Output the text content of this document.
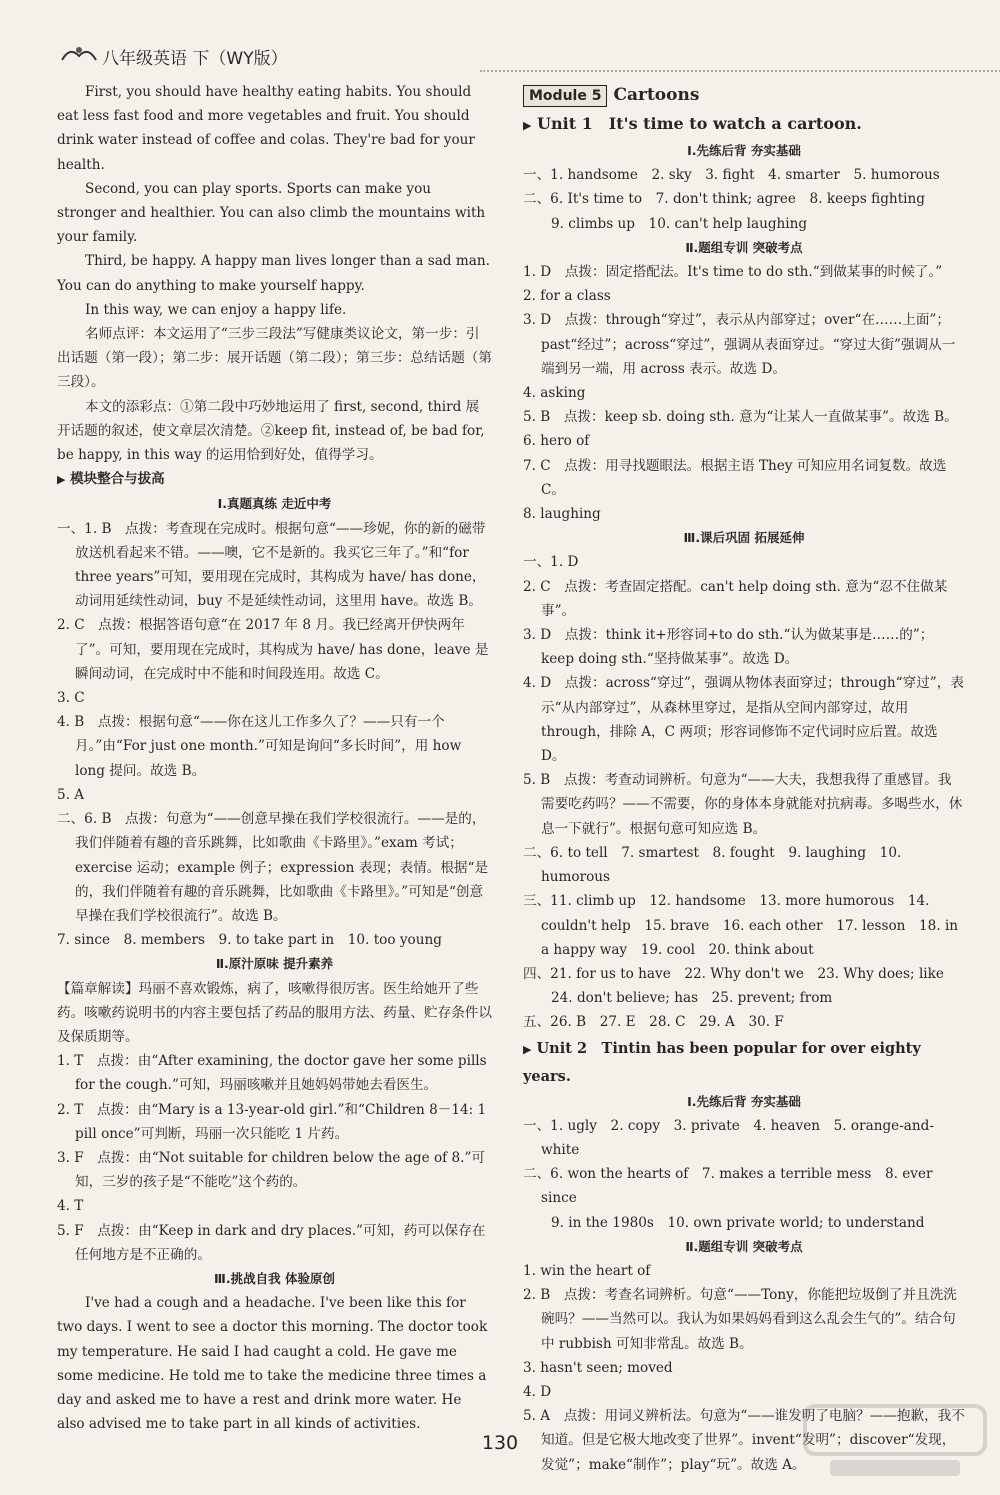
八年级英语 下（WY版）

First, you should have healthy eating habits. You should eat less fast food and more vegetables and fruit. You should drink water instead of coffee and colas. They're bad for your health.

Second, you can play sports. Sports can make you stronger and healthier. You can also climb the mountains with your family.

Third, be happy. A happy man lives longer than a sad man. You can do anything to make yourself happy.

In this way, we can enjoy a happy life.

名师点评：本文运用了“三步三段法”写健康类议论文，第一步：引出话题（第一段）；第二步：展开话题（第二段）；第三步：总结话题（第三段）。

本文的添彩点：①第二段中巧妙地运用了 first, second, third 展开话题的叙述，使文章层次清楚。②keep fit, instead of, be bad for, be happy, in this way 的运用恰到好处，值得学习。

▶ 模块整合与拔高

Ⅰ.真题真练 走近中考

一、1. B　点拨：考查现在完成时。根据句意“——珍妮，你的新的磁带放送机看起来不错。——噢，它不是新的。我买它三年了。”和“for three years”可知，要用现在完成时，其构成为 have/ has done，动词用延续性动词，buy 不是延续性动词，这里用 have。故选 B。

2. C　点拨：根据答语句意“在 2017 年 8 月。我已经离开伊快两年了”。可知，要用现在完成时，其构成为 have/ has done，leave 是瞬间动词，在完成时中不能和时间段连用。故选 C。

3. C

4. B　点拨：根据句意“——你在这儿工作多久了？——只有一个月。”由“For just one month.”可知是询问“多长时间”，用 how long 提问。故选 B。

5. A

二、6. B　点拨：句意为“——创意早操在我们学校很流行。——是的，我们伴随着有趣的音乐跳舞，比如歌曲《卡路里》。”exam 考试；exercise 运动；example 例子；expression 表现；表情。根据“是的，我们伴随着有趣的音乐跳舞，比如歌曲《卡路里》。”可知是“创意早操在我们学校很流行”。故选 B。

7. since　8. members　9. to take part in　10. too young

Ⅱ.原汁原味 提升素养

【篇章解读】玛丽不喜欢锻炼，病了，咳嗽得很厉害。医生给她开了些药。咳嗽药说明书的内容主要包括了药品的服用方法、药量、贮存条件以及保质期等。

1. T　点拨：由“After examining, the doctor gave her some pills for the cough.”可知，玛丽咳嗽并且她妈妈带她去看医生。

2. T　点拨：由“Mary is a 13-year-old girl.”和“Children 8－14: 1 pill once”可判断，玛丽一次只能吃 1 片药。

3. F　点拨：由“Not suitable for children below the age of 8.”可知，三岁的孩子是“不能吃”这个药的。

4. T

5. F　点拨：由“Keep in dark and dry places.”可知，药可以保存在任何地方是不正确的。

Ⅲ.挑战自我 体验原创

I've had a cough and a headache. I've been like this for two days. I went to see a doctor this morning. The doctor took my temperature. He said I had caught a cold. He gave me some medicine. He told me to take the medicine three times a day and asked me to have a rest and drink more water. He also advised me to take part in all kinds of activities.

Module 5 Cartoons

▶ Unit 1　It's time to watch a cartoon.

Ⅰ.先练后背 夯实基础

一、1. handsome　2. sky　3. fight　4. smarter　5. humorous

二、6. It's time to　7. don't think; agree　8. keeps fighting

9. climbs up　10. can't help laughing

Ⅱ.题组专训 突破考点

1. D　点拨：固定搭配法。It's time to do sth.“到做某事的时候了。”

2. for a class

3. D　点拨：through“穿过”，表示从内部穿过；over“在……上面”；past“经过”；across“穿过”，强调从表面穿过。“穿过大街”强调从一端到另一端，用 across 表示。故选 D。

4. asking

5. B　点拨：keep sb. doing sth. 意为“让某人一直做某事”。故选 B。

6. hero of

7. C　点拨：用寻找题眼法。根据主语 They 可知应用名词复数。故选 C。

8. laughing

Ⅲ.课后巩固 拓展延伸

一、1. D

2. C　点拨：考查固定搭配。can't help doing sth. 意为“忍不住做某事”。

3. D　点拨：think it+形容词+to do sth.“认为做某事是……的”；keep doing sth.“坚持做某事”。故选 D。

4. D　点拨：across“穿过”，强调从物体表面穿过；through“穿过”，表示“从内部穿过”，从森林里穿过，是指从空间内部穿过，故用 through，排除 A，C 两项；形容词修饰不定代词时应后置。故选 D。

5. B　点拨：考查动词辨析。句意为“——大夫，我想我得了重感冒。我需要吃药吗？——不需要，你的身体本身就能对抗病毒。多喝些水，休息一下就行”。根据句意可知应选 B。

二、6. to tell　7. smartest　8. fought　9. laughing　10. humorous

三、11. climb up　12. handsome　13. more humorous　14. couldn't help　15. brave　16. each other　17. lesson　18. in a happy way　19. cool　20. think about

四、21. for us to have　22. Why don't we　23. Why does; like

24. don't believe; has　25. prevent; from

五、26. B　27. E　28. C　29. A　30. F

▶ Unit 2　Tintin has been popular for over eighty years.

Ⅰ.先练后背 夯实基础

一、1. ugly　2. copy　3. private　4. heaven　5. orange-and-white

二、6. won the hearts of　7. makes a terrible mess　8. ever since

9. in the 1980s　10. own private world; to understand

Ⅱ.题组专训 突破考点

1. win the heart of

2. B　点拨：考查名词辨析。句意“——Tony，你能把垃圾倒了并且洗洗碗吗？——当然可以。我认为如果妈妈看到这么乱会生气的”。结合句中 rubbish 可知非常乱。故选 B。

3. hasn't seen; moved

4. D

5. A　点拨：用词义辨析法。句意为“——谁发明了电脑？——抱歉，我不知道。但是它极大地改变了世界”。invent“发明”；discover“发现，发觉”；make“制作”；play“玩”。故选 A。

130
